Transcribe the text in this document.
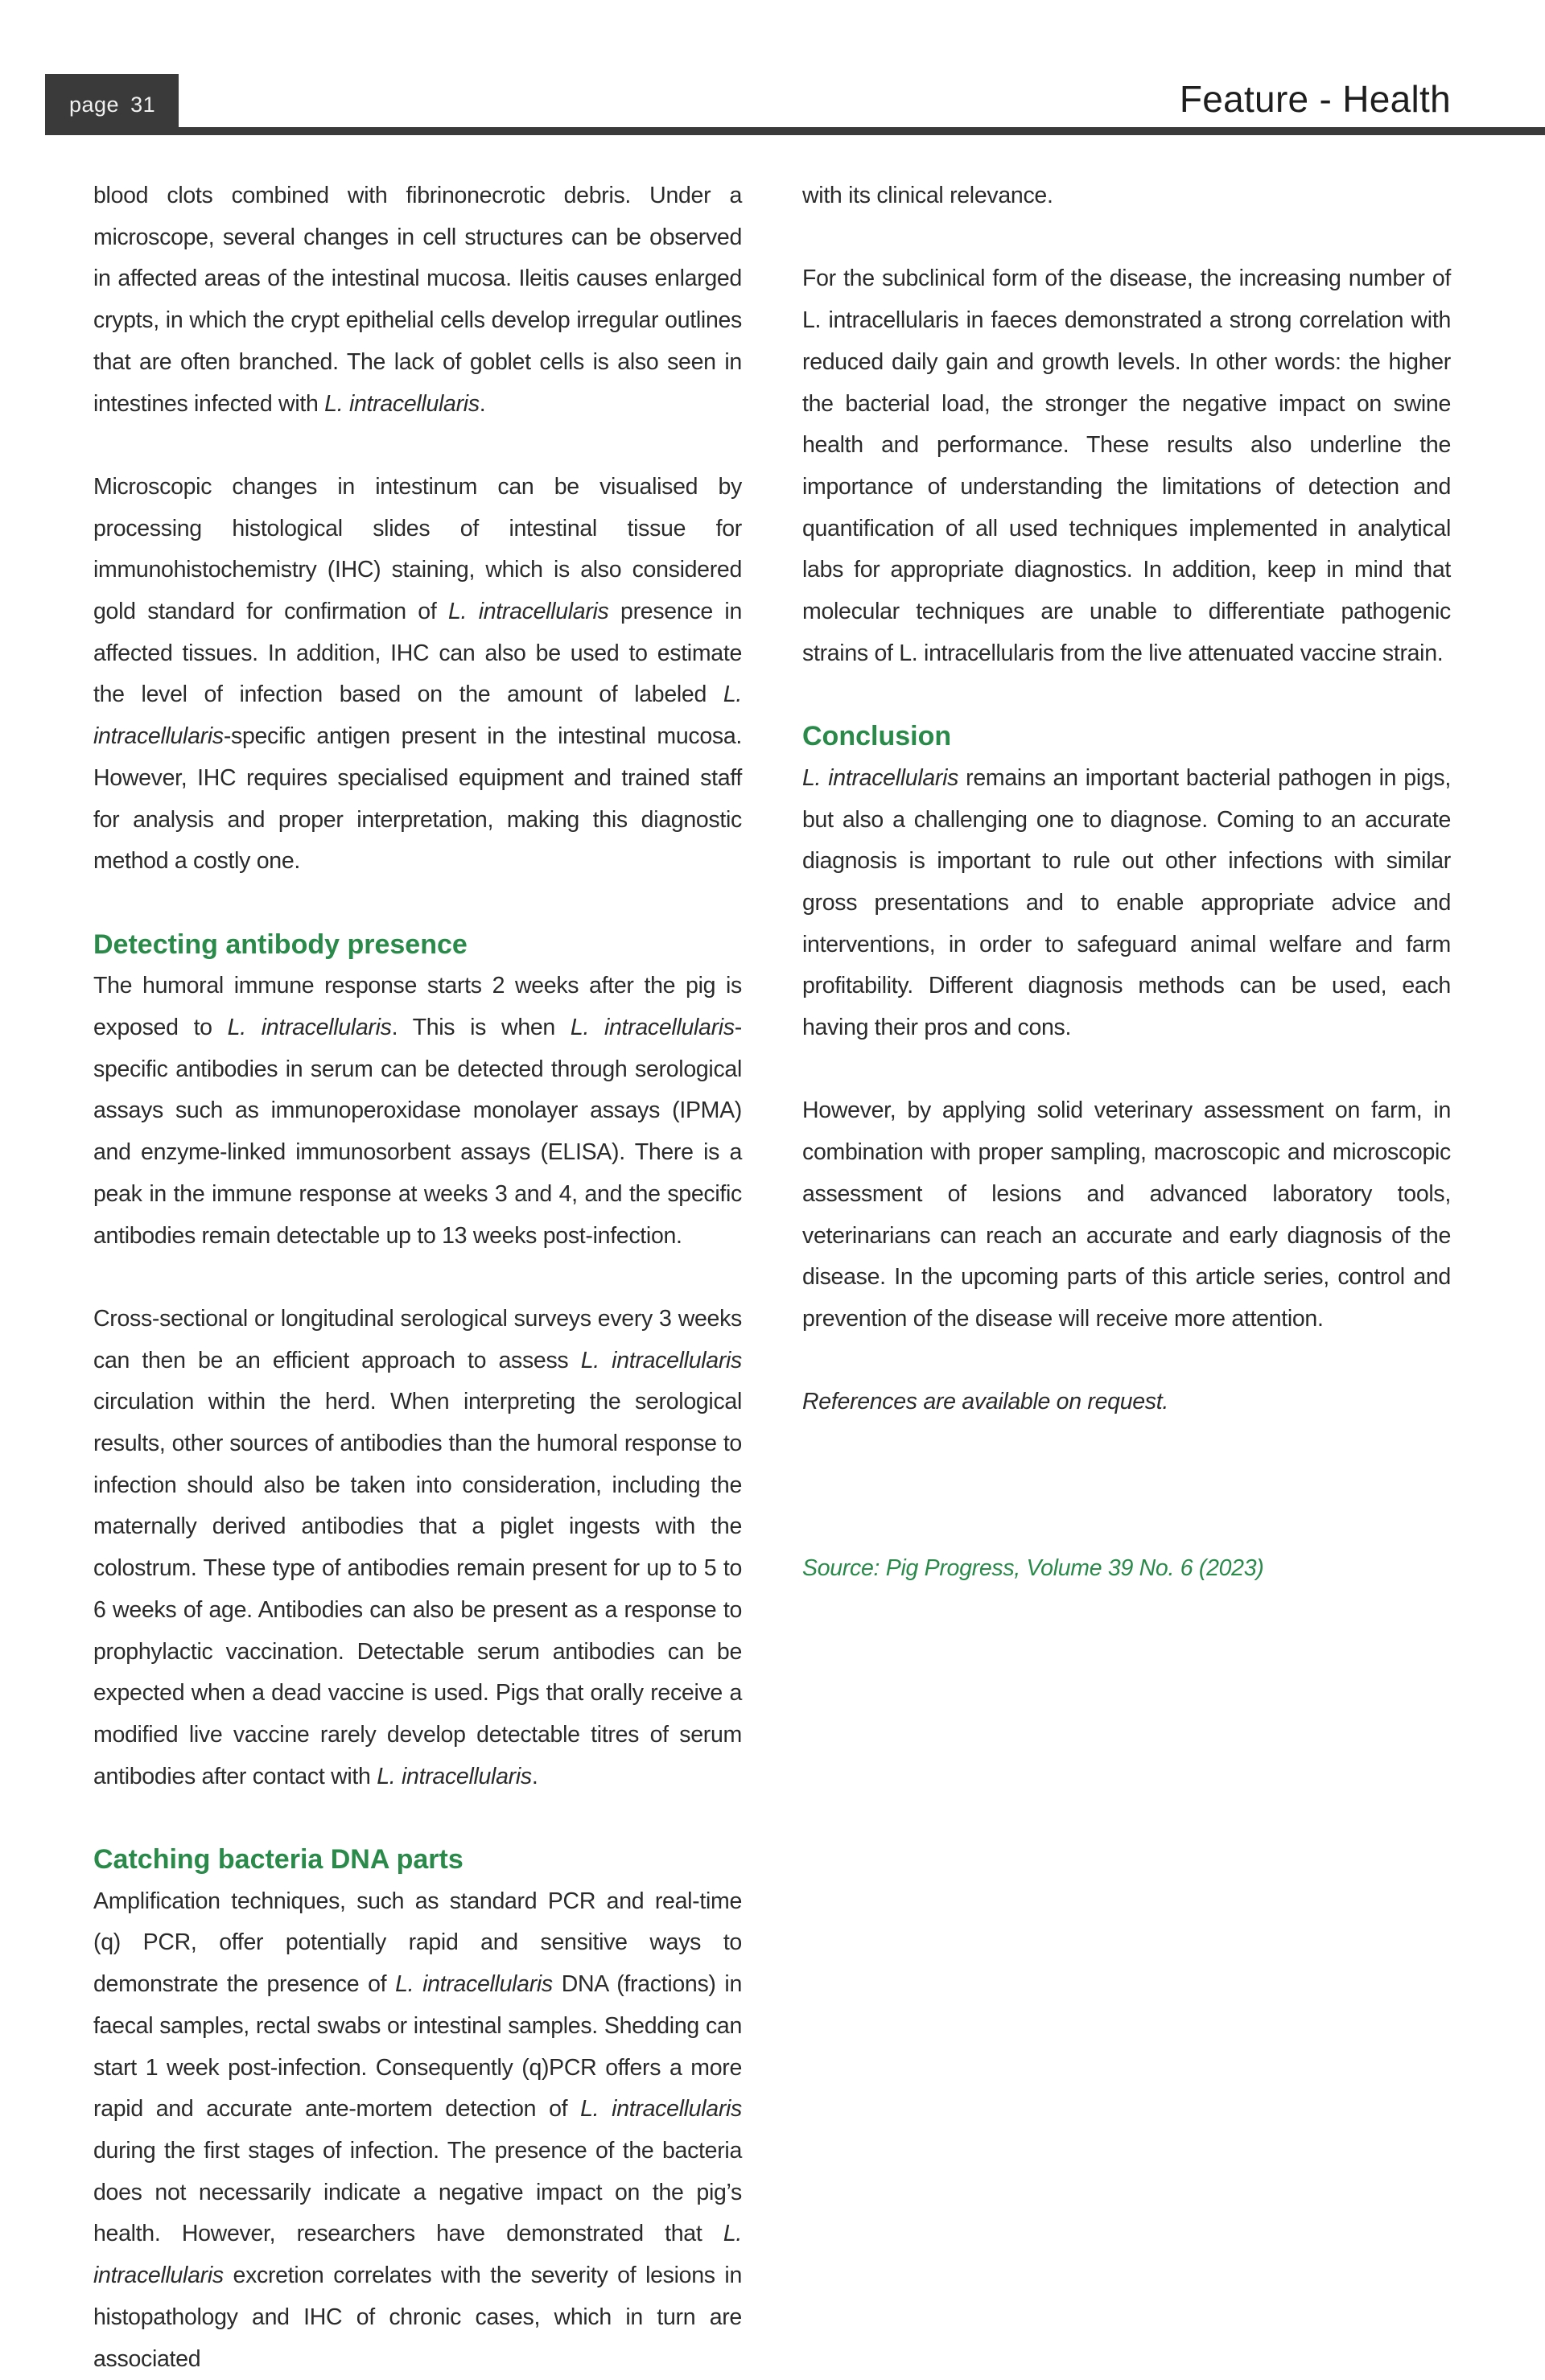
page 31	Feature - Health

blood clots combined with fibrinonecrotic debris. Under a microscope, several changes in cell structures can be observed in affected areas of the intestinal mucosa. Ileitis causes enlarged crypts, in which the crypt epithelial cells develop irregular outlines that are often branched. The lack of goblet cells is also seen in intestines infected with L. intracellularis.

Microscopic changes in intestinum can be visualised by processing histological slides of intestinal tissue for immunohistochemistry (IHC) staining, which is also considered gold standard for confirmation of L. intracellularis presence in affected tissues. In addition, IHC can also be used to estimate the level of infection based on the amount of labeled L. intracellularis-specific antigen present in the intestinal mucosa. However, IHC requires specialised equipment and trained staff for analysis and proper interpretation, making this diagnostic method a costly one.

Detecting antibody presence

The humoral immune response starts 2 weeks after the pig is exposed to L. intracellularis. This is when L. intracellularis-specific antibodies in serum can be detected through serological assays such as immunoperoxidase monolayer assays (IPMA) and enzyme-linked immunosorbent assays (ELISA). There is a peak in the immune response at weeks 3 and 4, and the specific antibodies remain detectable up to 13 weeks post-infection.

Cross-sectional or longitudinal serological surveys every 3 weeks can then be an efficient approach to assess L. intracellularis circulation within the herd. When interpreting the serological results, other sources of antibodies than the humoral response to infection should also be taken into consideration, including the maternally derived antibodies that a piglet ingests with the colostrum. These type of antibodies remain present for up to 5 to 6 weeks of age. Antibodies can also be present as a response to prophylactic vaccination. Detectable serum antibodies can be expected when a dead vaccine is used. Pigs that orally receive a modified live vaccine rarely develop detectable titres of serum antibodies after contact with L. intracellularis.

Catching bacteria DNA parts

Amplification techniques, such as standard PCR and real-time (q) PCR, offer potentially rapid and sensitive ways to demonstrate the presence of L. intracellularis DNA (fractions) in faecal samples, rectal swabs or intestinal samples. Shedding can start 1 week post-infection. Consequently (q)PCR offers a more rapid and accurate ante-mortem detection of L. intracellularis during the first stages of infection. The presence of the bacteria does not necessarily indicate a negative impact on the pig’s health. However, researchers have demonstrated that L. intracellularis excretion correlates with the severity of lesions in histopathology and IHC of chronic cases, which in turn are associated

with its clinical relevance.

For the subclinical form of the disease, the increasing number of L. intracellularis in faeces demonstrated a strong correlation with reduced daily gain and growth levels. In other words: the higher the bacterial load, the stronger the negative impact on swine health and performance. These results also underline the importance of understanding the limitations of detection and quantification of all used techniques implemented in analytical labs for appropriate diagnostics. In addition, keep in mind that molecular techniques are unable to differentiate pathogenic strains of L. intracellularis from the live attenuated vaccine strain.

Conclusion

L. intracellularis remains an important bacterial pathogen in pigs, but also a challenging one to diagnose. Coming to an accurate diagnosis is important to rule out other infections with similar gross presentations and to enable appropriate advice and interventions, in order to safeguard animal welfare and farm profitability. Different diagnosis methods can be used, each having their pros and cons.

However, by applying solid veterinary assessment on farm, in combination with proper sampling, macroscopic and microscopic assessment of lesions and advanced laboratory tools, veterinarians can reach an accurate and early diagnosis of the disease. In the upcoming parts of this article series, control and prevention of the disease will receive more attention.

References are available on request.

Source: Pig Progress, Volume 39 No. 6 (2023)
